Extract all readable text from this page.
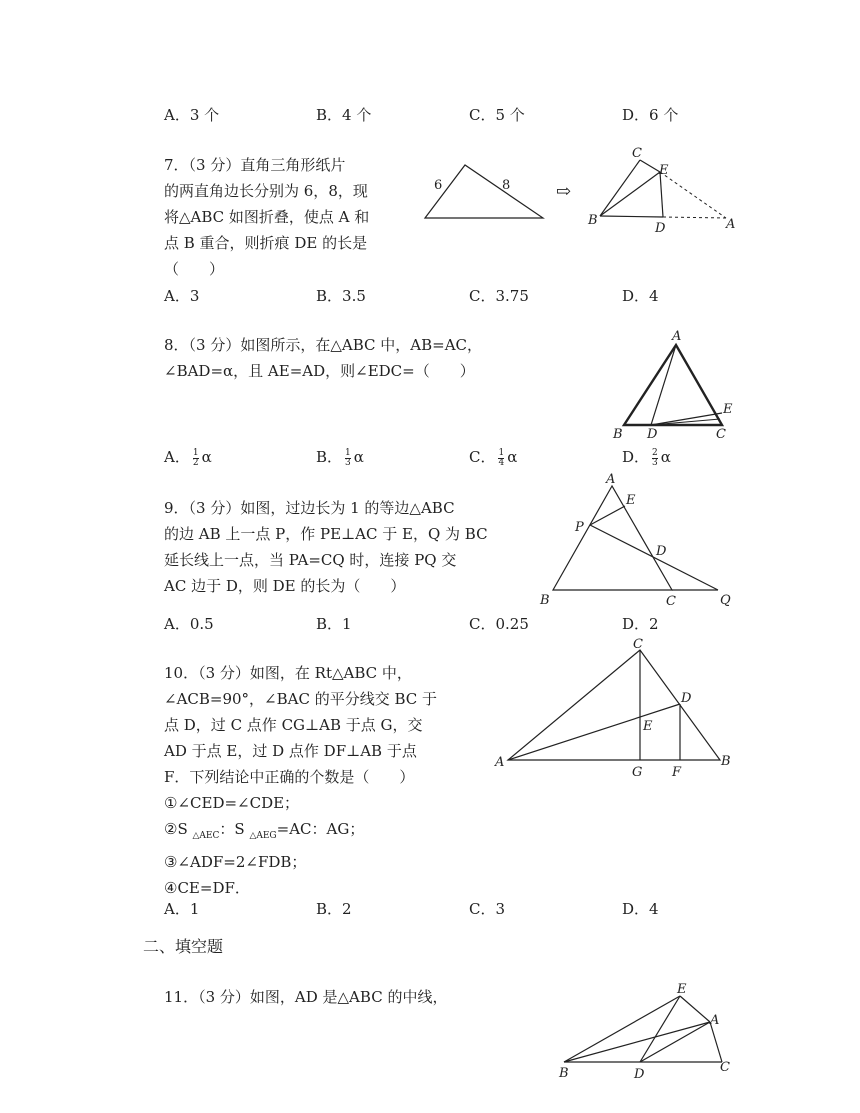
A．3 个	B．4 个	C．5 个	D．6 个
7．（3 分）直角三角形纸片
的两直角边长分别为 6，8，现
将△ABC 如图折叠，使点 A 和
点 B 重合，则折痕 DE 的长是
（　　）
6	8	⇨
C
E
B
D	A
A．3	B．3.5	C．3.75	D．4
8．（3 分）如图所示，在△ABC 中，AB=AC，
∠BAD=α，且 AE=AD，则∠EDC=（　　）
A
B D	C
E
A． $\frac{1}{2}$ α	B． $\frac{1}{3}$ α	C． $\frac{1}{4}$ α	D． $\frac{2}{3}$ α
9．（3 分）如图，过边长为 1 的等边△ABC
的边 AB 上一点 P，作 PE⊥AC 于 E，Q 为 BC
延长线上一点，当 PA=CQ 时，连接 PQ 交
AC 边于 D，则 DE 的长为（　　）
A
E
P
D
B	C	Q
A．0.5	B．1	C．0.25	D．2
10．（3 分）如图，在 Rt△ABC 中，
∠ACB=90°，∠BAC 的平分线交 BC 于
点 D，过 C 点作 CG⊥AB 于点 G，交
AD 于点 E，过 D 点作 DF⊥AB 于点
F．下列结论中正确的个数是（　　）
①∠CED=∠CDE；
②S $_{\triangle AEC}$：S $_{\triangle AEG}$=AC：AG；
③∠ADF=2∠FDB；
④CE=DF．
C
D
E
A
G F
B
A．1	B．2	C．3	D．4
二、填空题
11．（3 分）如图，AD 是△ABC 的中线，	E
A
B	D	C
